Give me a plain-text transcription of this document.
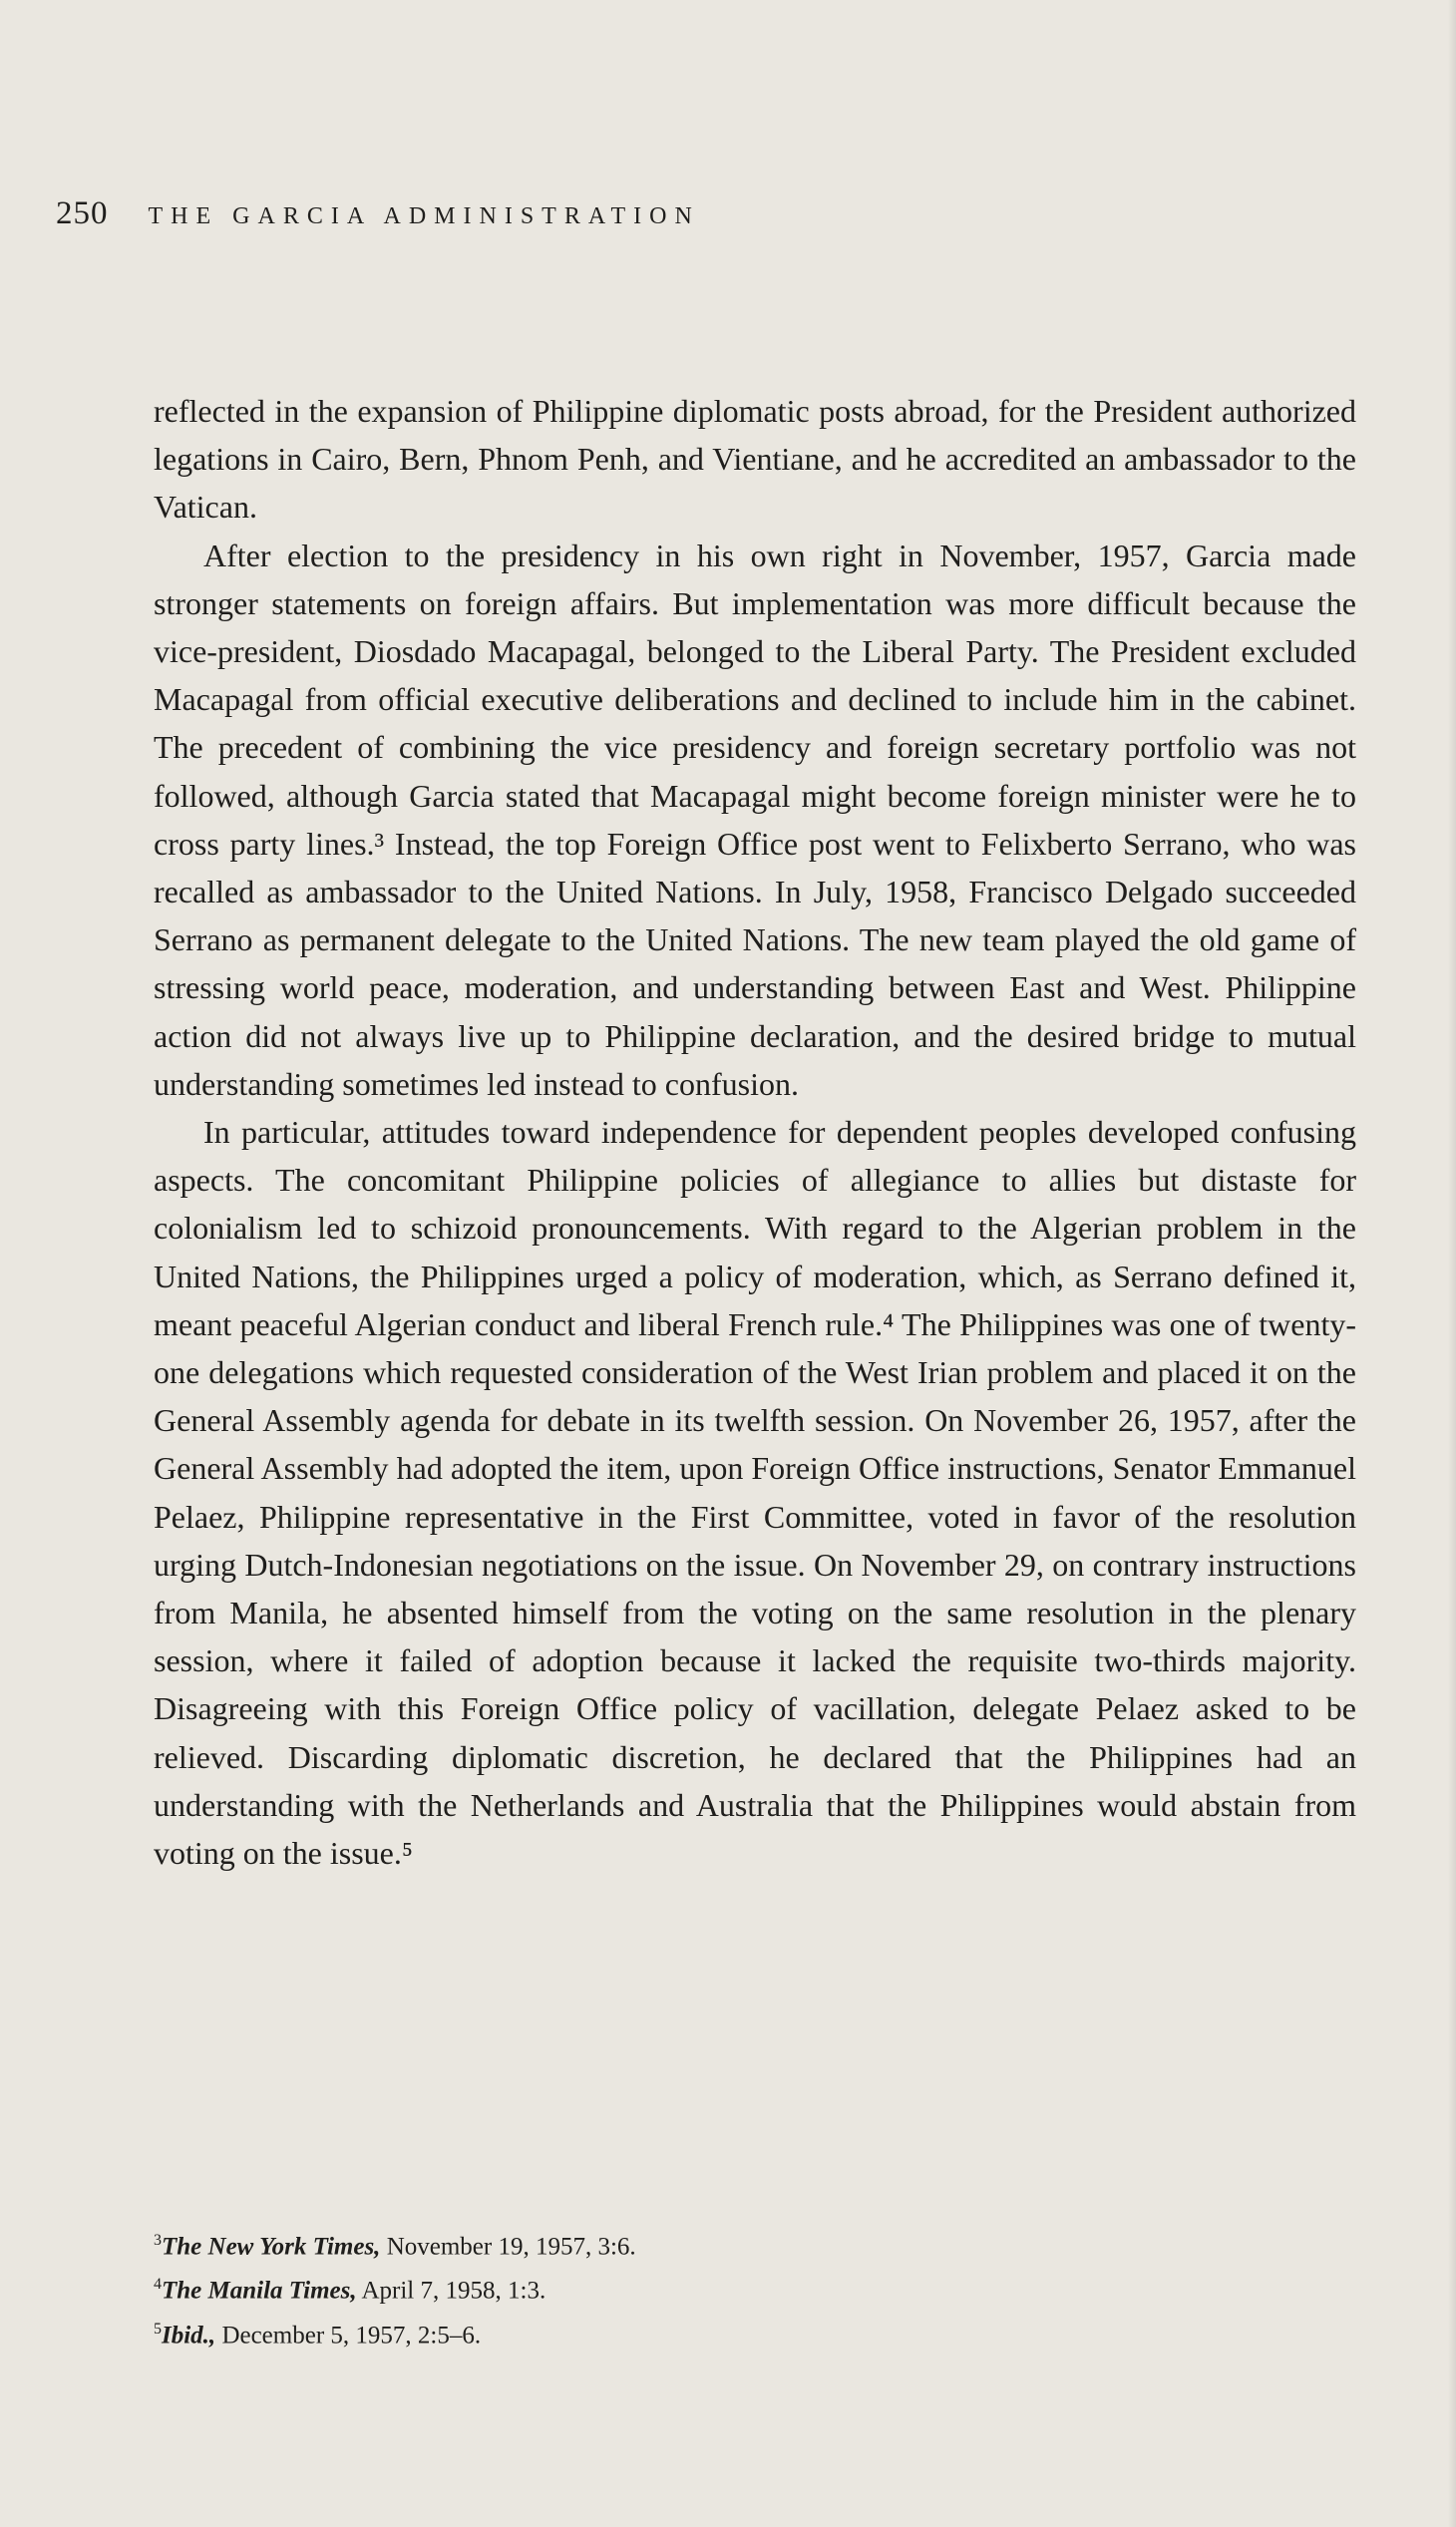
250 THE GARCIA ADMINISTRATION

reflected in the expansion of Philippine diplomatic posts abroad, for the President authorized legations in Cairo, Bern, Phnom Penh, and Vientiane, and he accredited an ambassador to the Vatican.

After election to the presidency in his own right in November, 1957, Garcia made stronger statements on foreign affairs. But implementation was more difficult because the vice-president, Diosdado Macapagal, belonged to the Liberal Party. The President excluded Macapagal from official executive deliberations and declined to include him in the cabinet. The precedent of combining the vice presidency and foreign secretary portfolio was not followed, although Garcia stated that Macapagal might become foreign minister were he to cross party lines.³ Instead, the top Foreign Office post went to Felixberto Serrano, who was recalled as ambassador to the United Nations. In July, 1958, Francisco Delgado succeeded Serrano as permanent delegate to the United Nations. The new team played the old game of stressing world peace, moderation, and understanding between East and West. Philippine action did not always live up to Philippine declaration, and the desired bridge to mutual understanding sometimes led instead to confusion.

In particular, attitudes toward independence for dependent peoples developed confusing aspects. The concomitant Philippine policies of allegiance to allies but distaste for colonialism led to schizoid pronouncements. With regard to the Algerian problem in the United Nations, the Philippines urged a policy of moderation, which, as Serrano defined it, meant peaceful Algerian conduct and liberal French rule.⁴ The Philippines was one of twenty-one delegations which requested consideration of the West Irian problem and placed it on the General Assembly agenda for debate in its twelfth session. On November 26, 1957, after the General Assembly had adopted the item, upon Foreign Office instructions, Senator Emmanuel Pelaez, Philippine representative in the First Committee, voted in favor of the resolution urging Dutch-Indonesian negotiations on the issue. On November 29, on contrary instructions from Manila, he absented himself from the voting on the same resolution in the plenary session, where it failed of adoption because it lacked the requisite two-thirds majority. Disagreeing with this Foreign Office policy of vacillation, delegate Pelaez asked to be relieved. Discarding diplomatic discretion, he declared that the Philippines had an understanding with the Netherlands and Australia that the Philippines would abstain from voting on the issue.⁵

$^3$The New York Times, November 19, 1957, 3:6.

$^4$The Manila Times, April 7, 1958, 1:3.

$^5$Ibid., December 5, 1957, 2:5–6.
